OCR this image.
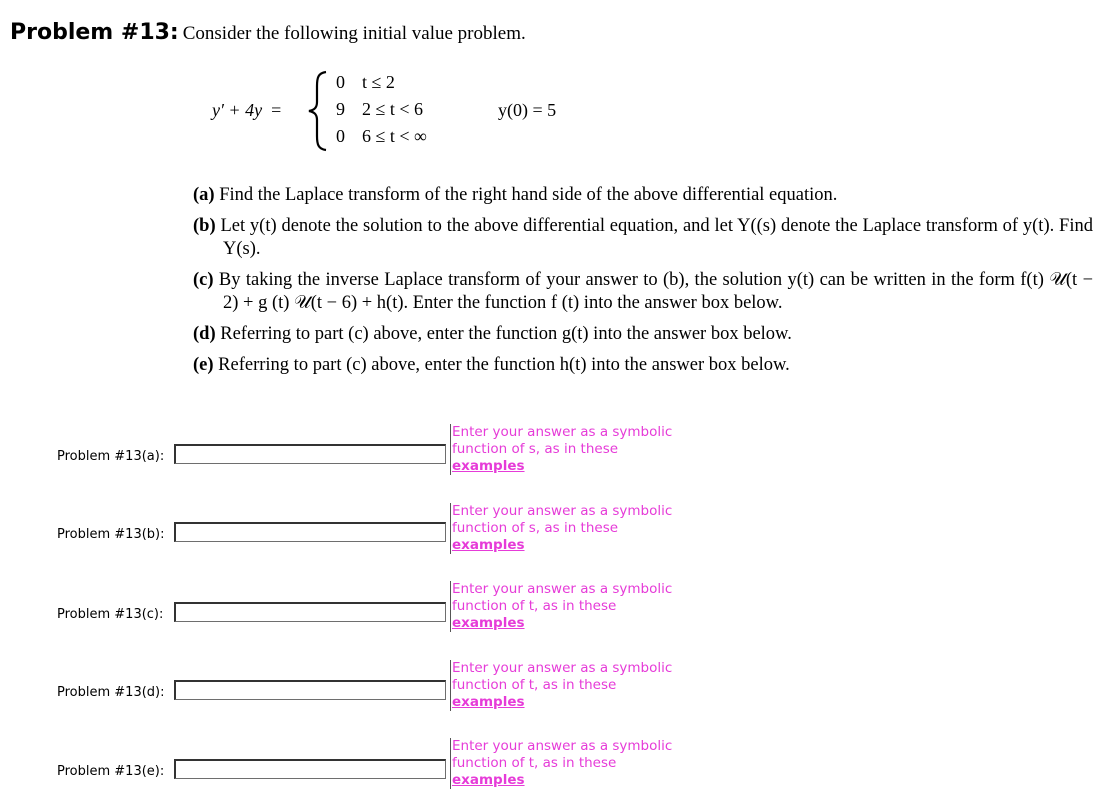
Problem #13: Consider the following initial value problem.
y′ + 4y =
0 t ≤ 2
9 2 ≤ t < 6
0 6 ≤ t < ∞
y(0) = 5

(a) Find the Laplace transform of the right hand side of the above differential equation.

(b) Let y(t) denote the solution to the above differential equation, and let Y((s) denote the Laplace transform of y(t). Find Y(s).

(c) By taking the inverse Laplace transform of your answer to (b), the solution y(t) can be written in the form f(t) 𝒰(t − 2) + g (t) 𝒰(t − 6) + h(t). Enter the function f (t) into the answer box below.

(d) Referring to part (c) above, enter the function g(t) into the answer box below.

(e) Referring to part (c) above, enter the function h(t) into the answer box below.

Problem #13(a):
Enter your answer as a symbolic
function of s, as in these
examples
Problem #13(b):
Enter your answer as a symbolic
function of s, as in these
examples
Problem #13(c):
Enter your answer as a symbolic
function of t, as in these
examples
Problem #13(d):
Enter your answer as a symbolic
function of t, as in these
examples
Problem #13(e):
Enter your answer as a symbolic
function of t, as in these
examples
